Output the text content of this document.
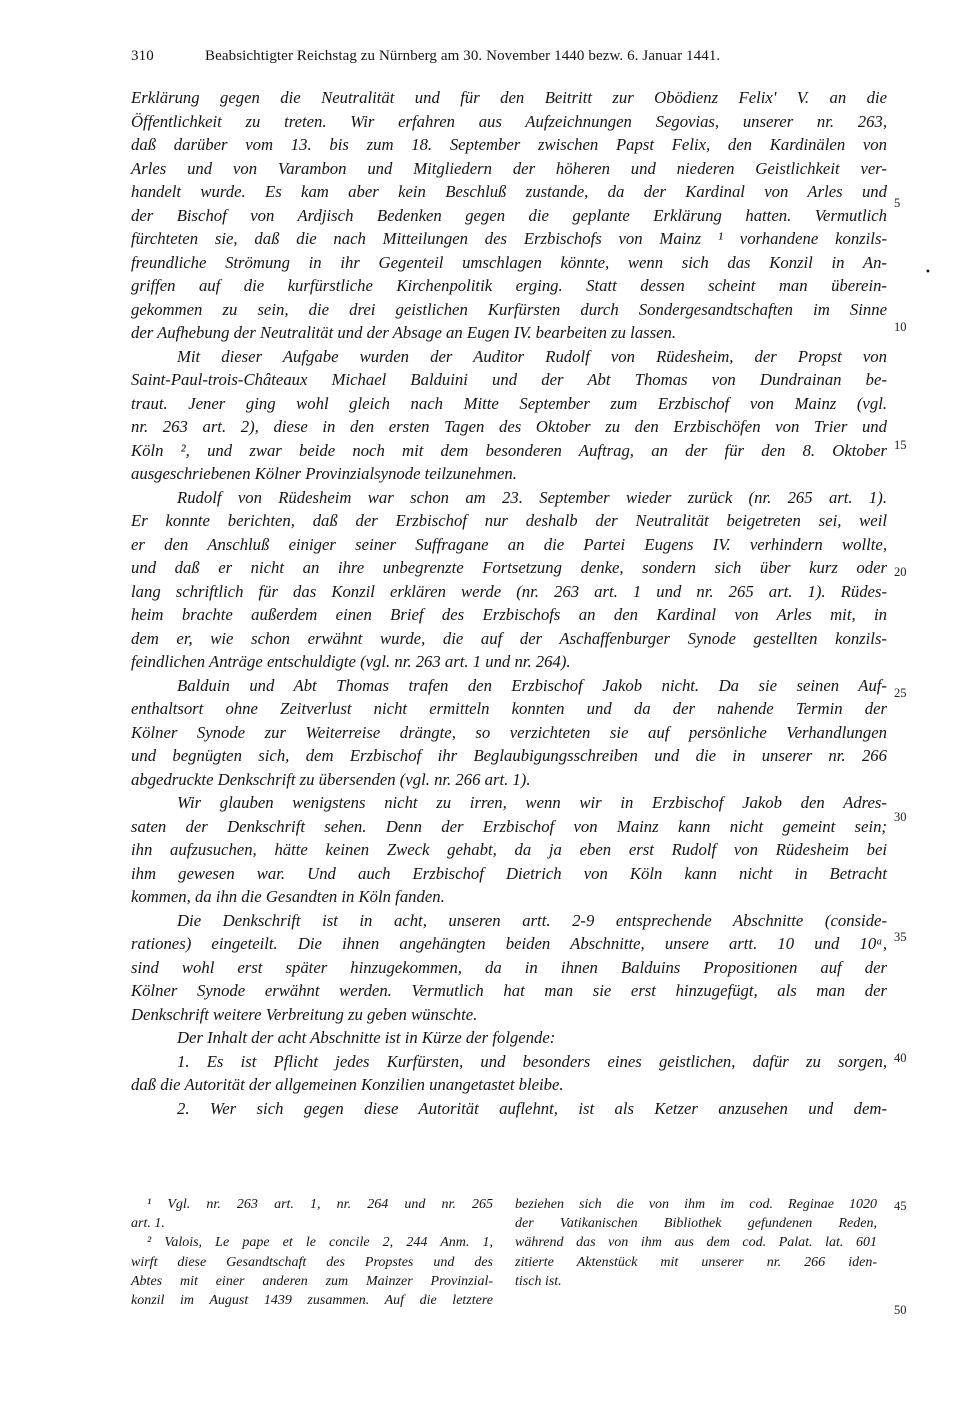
310	Beabsichtigter Reichstag zu Nürnberg am 30. November 1440 bezw. 6. Januar 1441.
Erklärung gegen die Neutralität und für den Beitritt zur Obödienz Felix' V. an die
Öffentlichkeit zu treten. Wir erfahren aus Aufzeichnungen Segovias, unserer nr. 263,
daß darüber vom 13. bis zum 18. September zwischen Papst Felix, den Kardinälen von
Arles und von Varambon und Mitgliedern der höheren und niederen Geistlichkeit ver-
handelt wurde. Es kam aber kein Beschluß zustande, da der Kardinal von Arles und
der Bischof von Ardjisch Bedenken gegen die geplante Erklärung hatten. Vermutlich
fürchteten sie, daß die nach Mitteilungen des Erzbischofs von Mainz ¹ vorhandene konzils-
freundliche Strömung in ihr Gegenteil umschlagen könnte, wenn sich das Konzil in An-
griffen auf die kurfürstliche Kirchenpolitik erging. Statt dessen scheint man überein-
gekommen zu sein, die drei geistlichen Kurfürsten durch Sondergesandtschaften im Sinne
der Aufhebung der Neutralität und der Absage an Eugen IV. bearbeiten zu lassen.
Mit dieser Aufgabe wurden der Auditor Rudolf von Rüdesheim, der Propst von
Saint-Paul-trois-Châteaux Michael Balduini und der Abt Thomas von Dundrainan be-
traut. Jener ging wohl gleich nach Mitte September zum Erzbischof von Mainz (vgl.
nr. 263 art. 2), diese in den ersten Tagen des Oktober zu den Erzbischöfen von Trier und
Köln ², und zwar beide noch mit dem besonderen Auftrag, an der für den 8. Oktober
ausgeschriebenen Kölner Provinzialsynode teilzunehmen.
Rudolf von Rüdesheim war schon am 23. September wieder zurück (nr. 265 art. 1).
Er konnte berichten, daß der Erzbischof nur deshalb der Neutralität beigetreten sei, weil
er den Anschluß einiger seiner Suffragane an die Partei Eugens IV. verhindern wollte,
und daß er nicht an ihre unbegrenzte Fortsetzung denke, sondern sich über kurz oder
lang schriftlich für das Konzil erklären werde (nr. 263 art. 1 und nr. 265 art. 1). Rüdes-
heim brachte außerdem einen Brief des Erzbischofs an den Kardinal von Arles mit, in
dem er, wie schon erwähnt wurde, die auf der Aschaffenburger Synode gestellten konzils-
feindlichen Anträge entschuldigte (vgl. nr. 263 art. 1 und nr. 264).
Balduin und Abt Thomas trafen den Erzbischof Jakob nicht. Da sie seinen Auf-
enthaltsort ohne Zeitverlust nicht ermitteln konnten und da der nahende Termin der
Kölner Synode zur Weiterreise drängte, so verzichteten sie auf persönliche Verhandlungen
und begnügten sich, dem Erzbischof ihr Beglaubigungsschreiben und die in unserer nr. 266
abgedruckte Denkschrift zu übersenden (vgl. nr. 266 art. 1).
Wir glauben wenigstens nicht zu irren, wenn wir in Erzbischof Jakob den Adres-
saten der Denkschrift sehen. Denn der Erzbischof von Mainz kann nicht gemeint sein;
ihn aufzusuchen, hätte keinen Zweck gehabt, da ja eben erst Rudolf von Rüdesheim bei
ihm gewesen war. Und auch Erzbischof Dietrich von Köln kann nicht in Betracht
kommen, da ihn die Gesandten in Köln fanden.
Die Denkschrift ist in acht, unseren artt. 2-9 entsprechende Abschnitte (conside-
rationes) eingeteilt. Die ihnen angehängten beiden Abschnitte, unsere artt. 10 und 10ᵃ,
sind wohl erst später hinzugekommen, da in ihnen Balduins Propositionen auf der
Kölner Synode erwähnt werden. Vermutlich hat man sie erst hinzugefügt, als man der
Denkschrift weitere Verbreitung zu geben wünschte.
Der Inhalt der acht Abschnitte ist in Kürze der folgende:
1. Es ist Pflicht jedes Kurfürsten, und besonders eines geistlichen, dafür zu sorgen,
daß die Autorität der allgemeinen Konzilien unangetastet bleibe.
2. Wer sich gegen diese Autorität auflehnt, ist als Ketzer anzusehen und dem-
5
10
15
20
25
30
35
40
45
50
•
¹ Vgl. nr. 263 art. 1, nr. 264 und nr. 265
art. 1.
² Valois, Le pape et le concile 2, 244 Anm. 1,
wirft diese Gesandtschaft des Propstes und des
Abtes mit einer anderen zum Mainzer Provinzial-
konzil im August 1439 zusammen. Auf die letztere
beziehen sich die von ihm im cod. Reginae 1020
der Vatikanischen Bibliothek gefundenen Reden,
während das von ihm aus dem cod. Palat. lat. 601
zitierte Aktenstück mit unserer nr. 266 iden-
tisch ist.
